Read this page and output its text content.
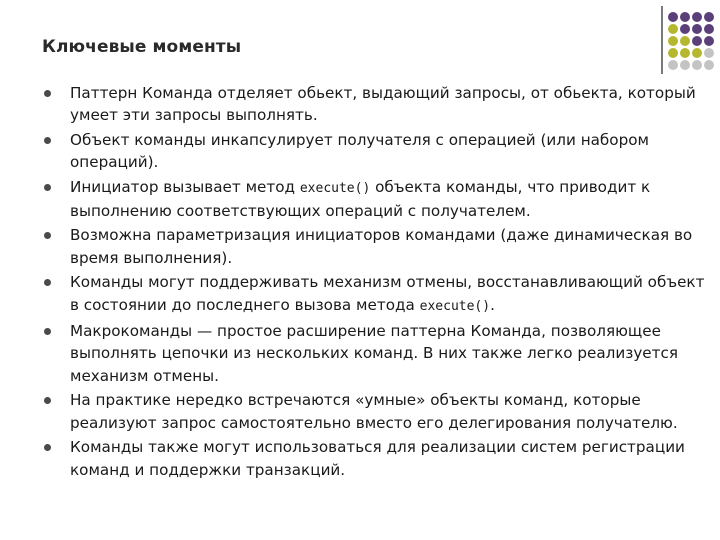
Ключевые моменты
Паттерн Команда отделяет обьект, выдающий запросы, от обьекта, который умеет эти запросы выполнять.
Объект команды инкапсулирует получателя с операцией (или набором операций).
Инициатор вызывает метод execute() объекта команды, что приводит к выполнению соответствующих операций с получателем.
Возможна параметризация инициаторов командами (даже динамическая во время выполнения).
Команды могут поддерживать механизм отмены, восстанавливающий объект в состоянии до последнего вызова метода execute().
Макрокоманды — простое расширение паттерна Команда, позволяющее выполнять цепочки из нескольких команд. В них также легко реализуется механизм отмены.
На практике нередко встречаются «умные» объекты команд, которые реализуют запрос самостоятельно вместо его делегирования получателю.
Команды также могут использоваться для реализации систем регистрации команд и поддержки транзакций.
